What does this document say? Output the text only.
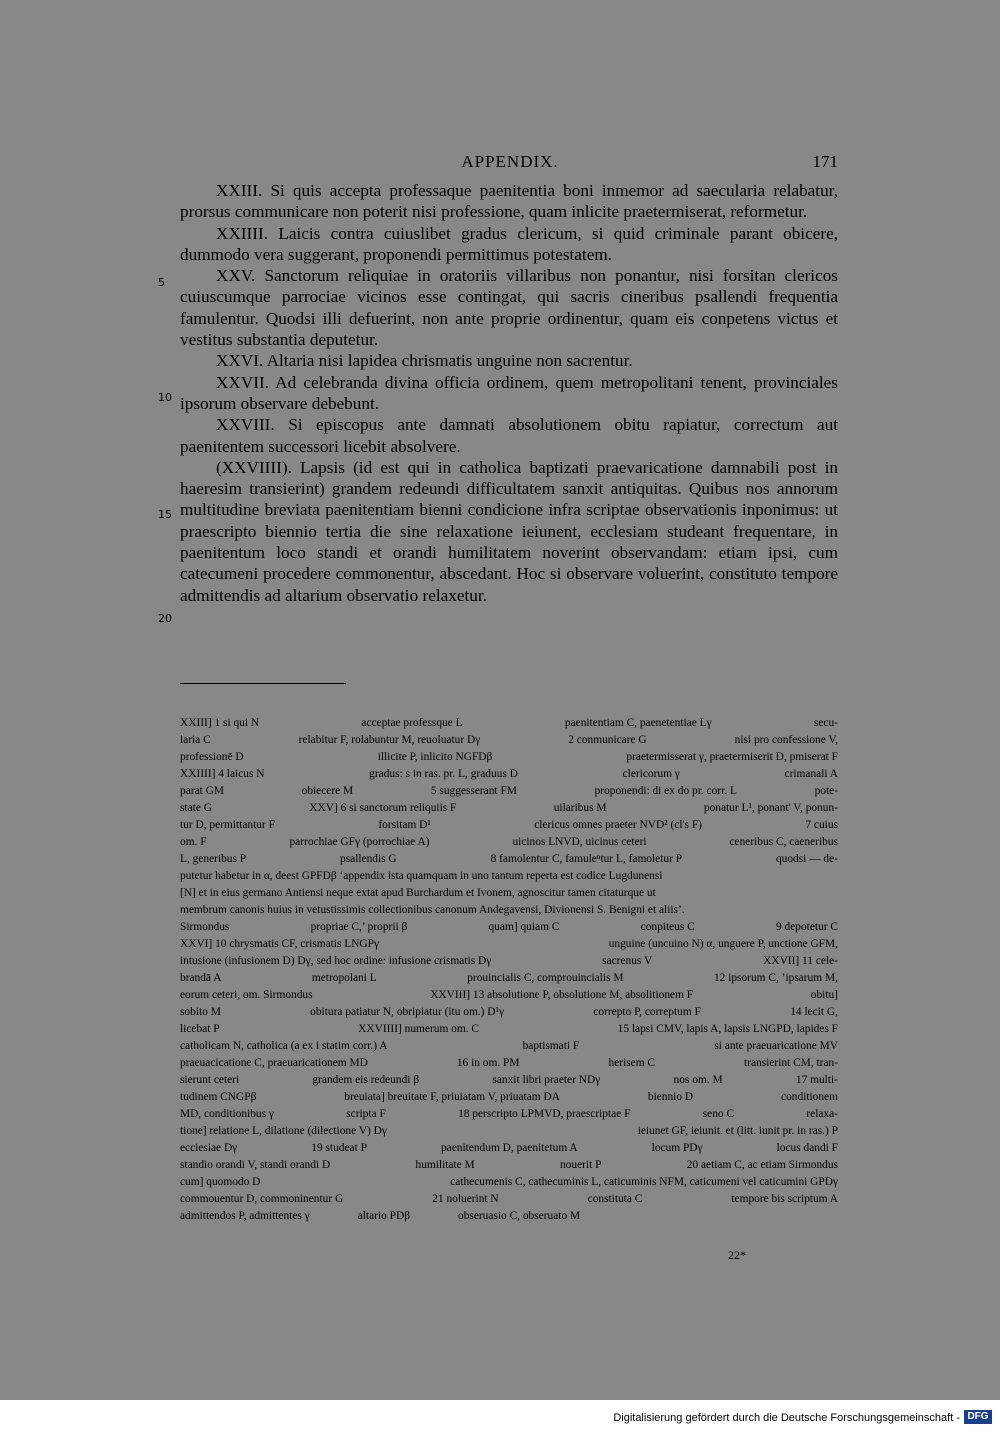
APPENDIX.	171
5
10
15
20

XXIII. Si quis accepta professaque paenitentia boni inmemor ad saecularia relabatur, prorsus communicare non poterit nisi professione, quam inlicite praetermiserat, reformetur.

XXIIII. Laicis contra cuiuslibet gradus clericum, si quid criminale parant obicere, dummodo vera suggerant, proponendi permittimus potestatem.

XXV. Sanctorum reliquiae in oratoriis villaribus non ponantur, nisi forsitan clericos cuiuscumque parrociae vicinos esse contingat, qui sacris cineribus psallendi frequentia famulentur. Quodsi illi defuerint, non ante proprie ordinentur, quam eis conpetens victus et vestitus substantia deputetur.

XXVI. Altaria nisi lapidea chrismatis unguine non sacrentur.

XXVII. Ad celebranda divina officia ordinem, quem metropolitani tenent, provinciales ipsorum observare debebunt.

XXVIII. Si episcopus ante damnati absolutionem obitu rapiatur, correctum aut paenitentem successori licebit absolvere.

(XXVIIII). Lapsis (id est qui in catholica baptizati praevaricatione damnabili post in haeresim transierint) grandem redeundi difficultatem sanxit antiquitas. Quibus nos annorum multitudine breviata paenitentiam bienni condicione infra scriptae observationis inponimus: ut praescripto biennio tertia die sine relaxatione ieiunent, ecclesiam studeant frequentare, in paenitentum loco standi et orandi humilitatem noverint observandam: etiam ipsi, cum catecumeni procedere commonentur, abscedant. Hoc si observare voluerint, constituto tempore admittendis ad altarium observatio relaxetur.

XXIII] 1 si qui N	acceptae professque L	paenitentiam C, paenetentiae Lγ	secu-
laria C	relabitur F, rolabuntur M, reuoluatur Dγ	2 conmunicare G	nisi pro confessione V,
professionē D	illicite P, inlicito NGFDβ	praetermisserat γ, praetermiserit D, pmiserat F
XXIIII] 4 laicus N	gradus: s in ras. pr. L, graduus D	clericorum γ	crimanali A
parat GM	obiecere M	5 suggesserant FM	proponendi: di ex do pr. corr. L	pote-
state G	XXV] 6 si sanctorum reliquiis F	uilaribus M	ponatur L¹, ponant' V, ponun-
tur D, permittantur F	forsitam D¹	clericus omnes praeter NVD² (cl's F)	7 cuius
om. F	parrochiae GFγ (porrochiae A)	uicinos LNVD, uicinus ceteri	ceneribus C, caeneribus
L, generibus P	psallendis G	8 famolentur C, famuleⁿtur L, famoletur P	quodsi — de-
putetur habetur in α, deest GPFDβ ‘appendix ista quamquam in uno tantum reperta est codice Lugdunensi
[N] et in eius germano Antiensi neque extat apud Burchardum et Ivonem, agnoscitur tamen citaturque ut
membrum canonis huius in vetustissimis collectionibus canonum Andegavensi, Divionensi S. Benigni et aliis’.
Sirmondus	propriae C,’ proprii β	quam] quiam C	conpiteus C	9 depotetur C
XXVI] 10 chrysmatis CF, crismatis LNGPγ	unguine (uncuino N) α, unguere P, unctione GFM,
intusione (infusionem D) Dγ, sed hoc ordine: infusione crismatis Dγ	sacrenus V	XXVII] 11 cele-
brandā A	metropolani L	prouincialis C, comprouincialis M	12 ipsorum C, ’ipsarum M,
eorum ceteri, om. Sirmondus	XXVIII] 13 absolutione P, obsolutione M, absolitionem F	obitu]
sobito M	obitura patiatur N, obripiatur (itu om.) D¹γ	correpto P, correptum F	14 lecit G,
licebat P	XXVIIII] numerum om. C	15 lapsi CMV, lapis A, lapsis LNGPD, lapides F
catholicam N, catholica (a ex i statim corr.) A	baptismati F	si ante praeuaricatione MV
praeuacicatione C, praeuaricationem MD	16 in om. PM	herisem C	transierint CM, tran-
sierunt ceteri	grandem eis redeundi β	sanxit libri praeter NDγ	nos om. M	17 multi-
tudinem CNGPβ	breuiata] breuitate F, priuiatam V, priuatam DA	biennio D	conditionem
MD, conditionibus γ	scripta F	18 perscripto LPMVD, praescriptae F	seno C	relaxa-
tione] relatione L, dilatione (dilectione V) Dγ	ieiunet GF, ieiunit. et (litt. iunit pr. in ras.) P
ecciesiae Dγ	19 studeat P	paenitendum D, paenitetum A	locum PDγ	locus dandi F
standio orandi V, standi orandi D	humilitate M	nouerit P	20 aetiam C, ac etiam Sirmondus
cum] quomodo D	cathecumenis C, cathecuminis L, caticuminis NFM, caticumeni vel caticumini GPDγ
commouentur D, commoninentur G	21 noluerint N	constituta C	tempore bis scriptum A
admittendos P, admittentes γ	altario PDβ	obseruasio C, obseruato M
22*
Digitalisierung gefördert durch die Deutsche Forschungsgemeinschaft - DFG
